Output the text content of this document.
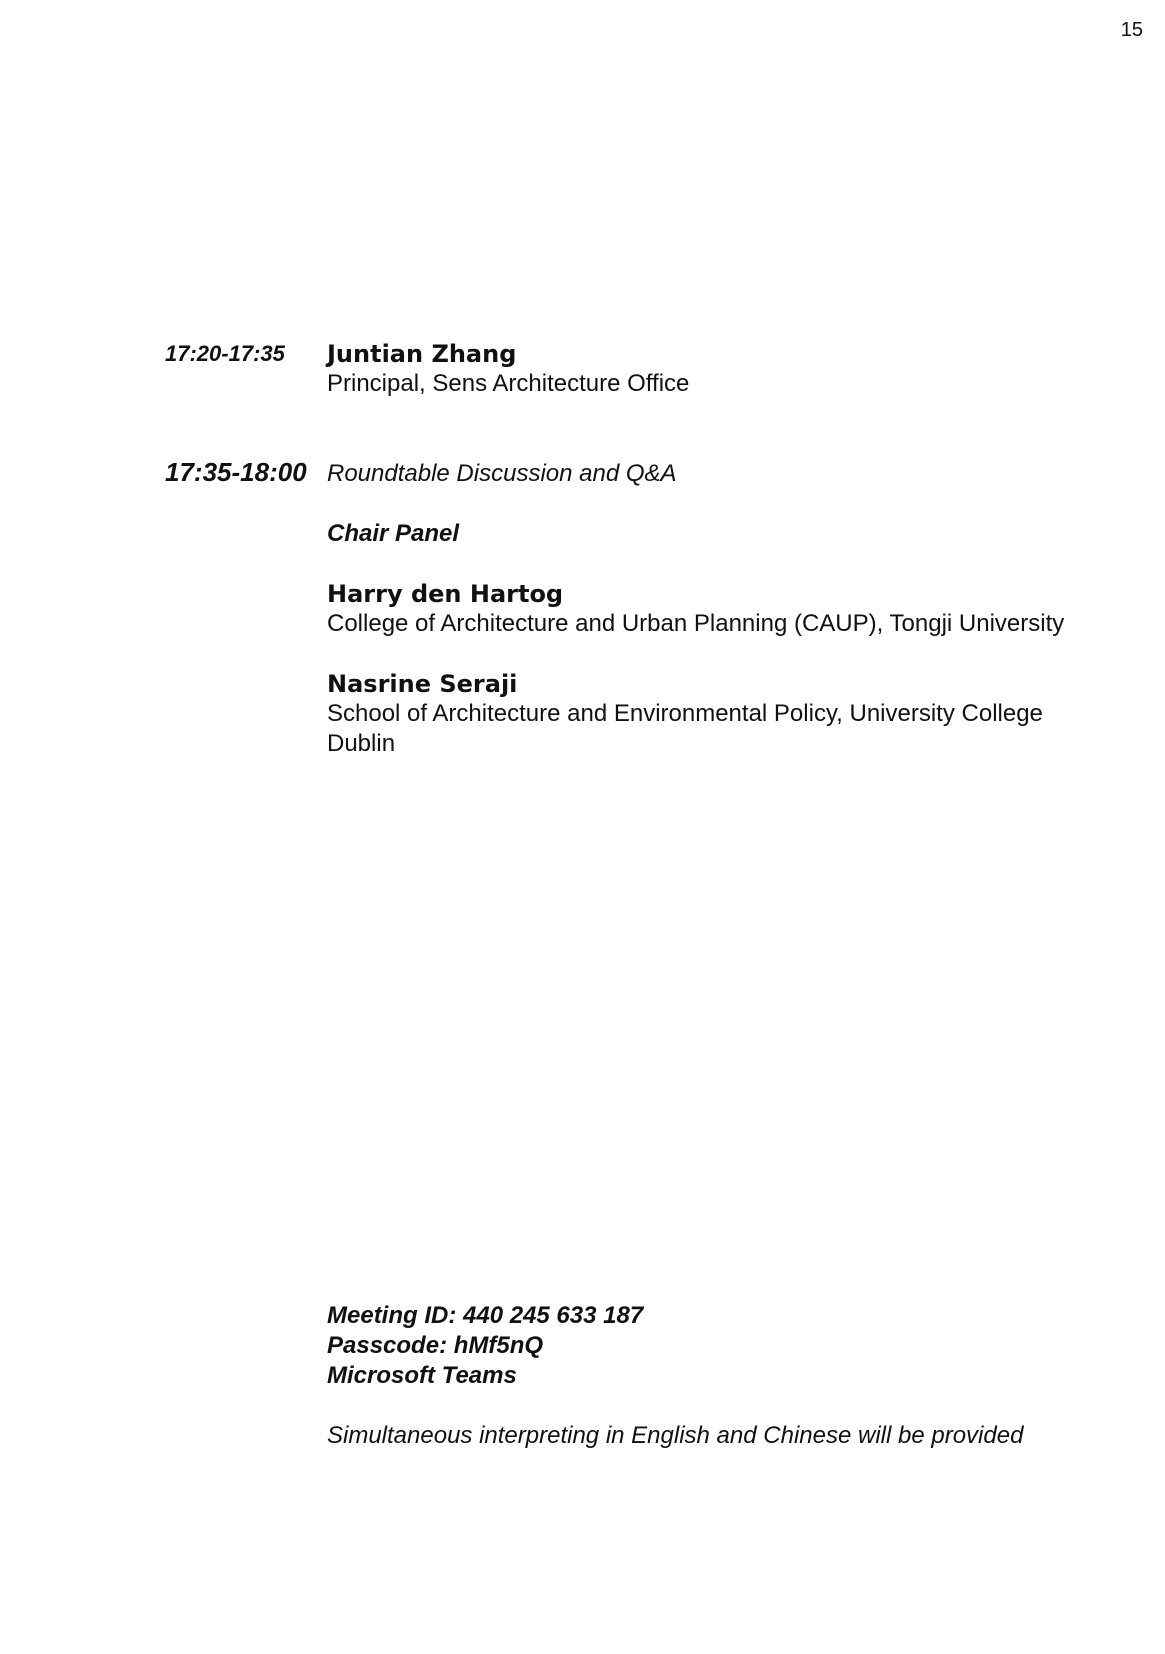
15
17:20-17:35 Juntian Zhang
Principal, Sens Architecture Office
17:35-18:00 Roundtable Discussion and Q&A
Chair Panel
Harry den Hartog
College of Architecture and Urban Planning (CAUP), Tongji University
Nasrine Seraji
School of Architecture and Environmental Policy, University College Dublin
Meeting ID: 440 245 633 187
Passcode: hMf5nQ
Microsoft Teams
Simultaneous interpreting in English and Chinese will be provided
